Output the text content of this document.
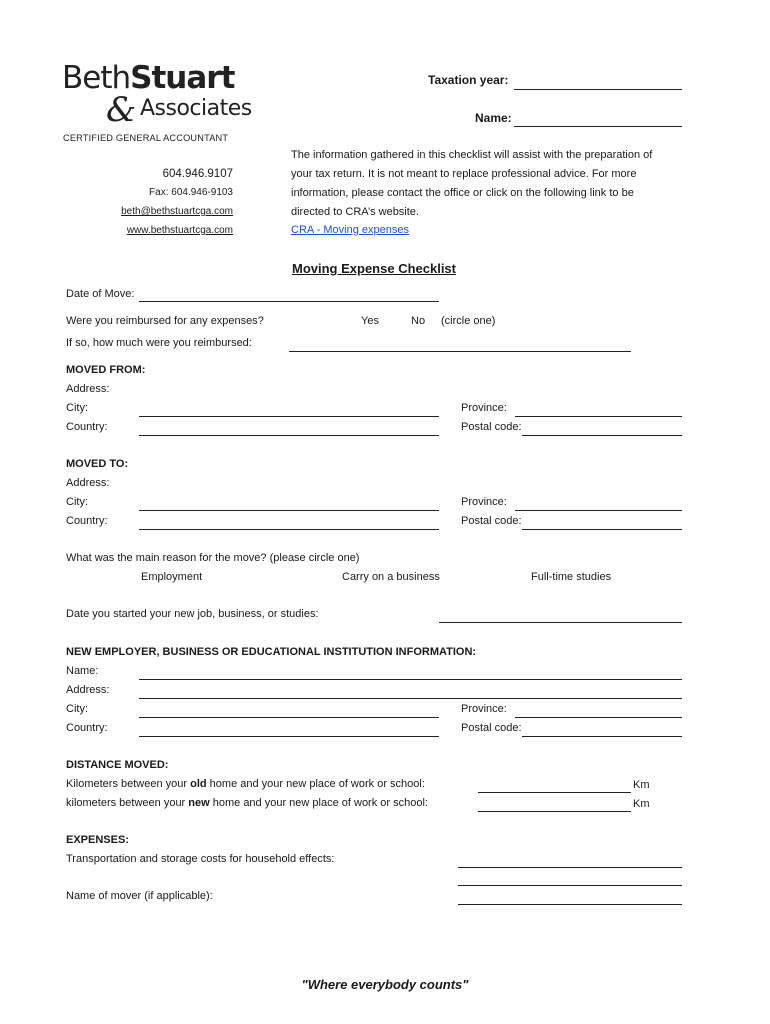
BethStuart
& Associates
CERTIFIED GENERAL ACCOUNTANT
Taxation year:
Name:
604.946.9107
Fax: 604.946-9103
beth@bethstuartcga.com
www.bethstuartcga.com
The information gathered in this checklist will assist with the preparation of your tax return. It is not meant to replace professional advice. For more information, please contact the office or click on the following link to be directed to CRA’s website.
CRA - Moving expenses
Moving Expense Checklist
Date of Move:
Were you reimbursed for any expenses?	Yes	No (circle one)
If so, how much were you reimbursed:
MOVED FROM:
Address:
City:	Province:
Country:	Postal code:
MOVED TO:
Address:
City:	Province:
Country:	Postal code:
What was the main reason for the move? (please circle one)
Employment	Carry on a business	Full-time studies
Date you started your new job, business, or studies:
NEW EMPLOYER, BUSINESS OR EDUCATIONAL INSTITUTION INFORMATION:
Name:
Address:
City:	Province:
Country:	Postal code:
DISTANCE MOVED:
Kilometers between your old home and your new place of work or school:	Km
kilometers between your new home and your new place of work or school:	Km
EXPENSES:
Transportation and storage costs for household effects:
Name of mover (if applicable):
"Where everybody counts"
